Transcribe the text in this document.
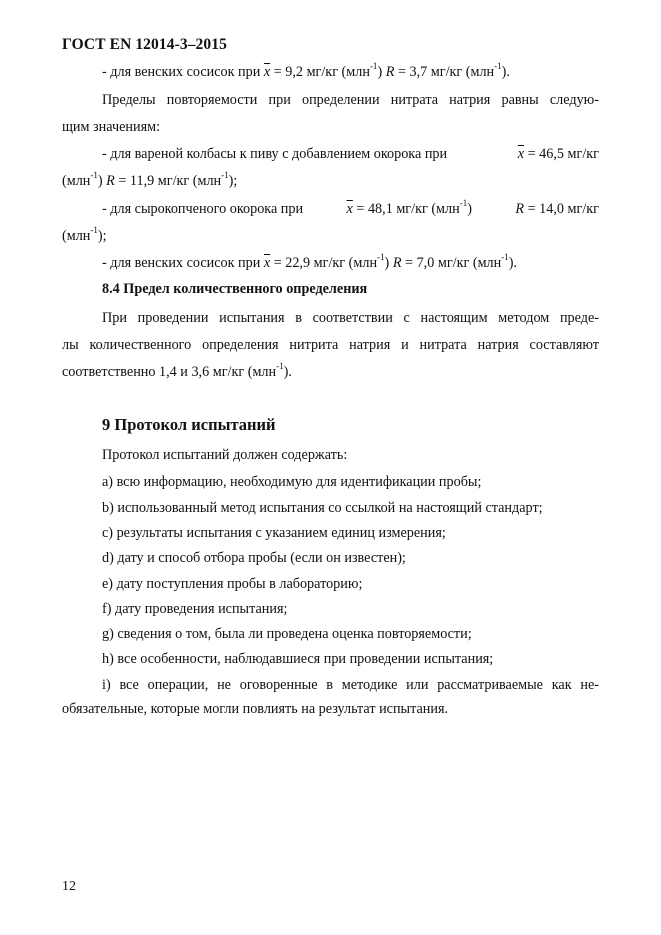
ГОСТ EN 12014-3–2015
- для венских сосисок при $\overline{x} = 9,2$ мг/кг (млн$^{-1}$) R = 3,7 мг/кг (млн$^{-1}$).
Пределы повторяемости при определении нитрата натрия равны следую-
щим значениям:
- для вареной колбасы к пиву с добавлением окорока при	$\overline{x} = 46,5$ мг/кг
(млн$^{-1}$) R = 11,9 мг/кг (млн$^{-1}$);
- для сырокопченого окорока при	$\overline{x} = 48,1$ мг/кг (млн$^{-1}$)	R = 14,0 мг/кг
(млн$^{-1}$);
- для венских сосисок при $\overline{x} = 22,9$ мг/кг (млн$^{-1}$) R = 7,0 мг/кг (млн$^{-1}$).
8.4 Предел количественного определения
При проведении испытания в соответствии с настоящим методом преде-
лы количественного определения нитрита натрия и нитрата натрия составляют
соответственно 1,4 и 3,6 мг/кг (млн$^{-1}$).
9 Протокол испытаний
Протокол испытаний должен содержать:
a) всю информацию, необходимую для идентификации пробы;
b) использованный метод испытания со ссылкой на настоящий стандарт;
c) результаты испытания с указанием единиц измерения;
d) дату и способ отбора пробы (если он известен);
e) дату поступления пробы в лабораторию;
f) дату проведения испытания;
g) сведения о том, была ли проведена оценка повторяемости;
h) все особенности, наблюдавшиеся при проведении испытания;
i) все операции, не оговоренные в методике или рассматриваемые как не-
обязательные, которые могли повлиять на результат испытания.
12
